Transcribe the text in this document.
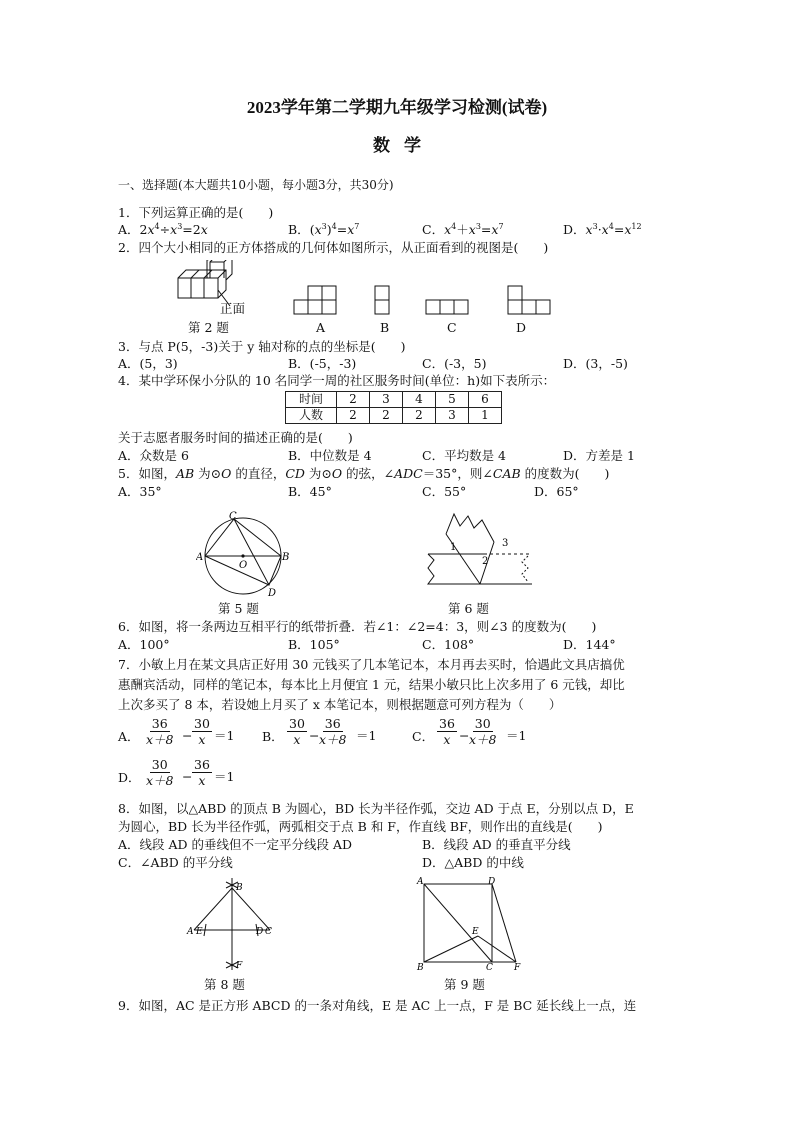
2023学年第二学期九年级学习检测(试卷)
数学
一、选择题(本大题共10小题，每小题3分，共30分)
1．下列运算正确的是(　　)
A．$2x^4\div x^3=2x$	B．$(x^3)^4=x^7$	C．$x^4+x^3=x^7$	D．$x^3\cdot x^4=x^{12}$
2．四个大小相同的正方体搭成的几何体如图所示，从正面看到的视图是(　　)
正面
第 2 题	A	B	C	D
3．与点 P(5，-3)关于 y 轴对称的点的坐标是(　　)
A．(5，3)	B．(-5，-3)	C．(-3，5)	D．(3，-5)
4．某中学环保小分队的 10 名同学一周的社区服务时间(单位：h)如下表所示：
时间	2	3	4	5	6
人数	2	2	2	3	1
关于志愿者服务时间的描述正确的是(　　)
A．众数是 6	B．中位数是 4	C．平均数是 4	D．方差是 1
5．如图，AB 为⊙O 的直径，CD 为⊙O 的弦，∠ADC＝35°，则∠CAB 的度数为(　　)
A．35°	B．45°	C．55°	D．65°
C
A
O
B
D
第 5 题
1
2
3
第 6 题
6．如图，将一条两边互相平行的纸带折叠．若∠1：∠2=4：3，则∠3 的度数为(　　)
A．100°	B．105°	C．108°	D．144°
7．小敏上月在某文具店正好用 30 元钱买了几本笔记本，本月再去买时，恰遇此文具店搞优
惠酬宾活动，同样的笔记本，每本比上月便宜 1 元，结果小敏只比上次多用了 6 元钱，却比
上次多买了 8 本，若设她上月买了 x 本笔记本，则根据题意可列方程为（　　）
A． $\frac{36}{x+8} - \frac{30}{x} =1$ B． $\frac{30}{x} - \frac{36}{x+8} =1$	C． $\frac{36}{x} - \frac{30}{x+8} =1$
D． $\frac{30}{x+8} - \frac{36}{x} =1$
8．如图，以△ABD 的顶点 B 为圆心，BD 长为半径作弧，交边 AD 于点 E，分别以点 D，E
为圆心，BD 长为半径作弧，两弧相交于点 B 和 F，作直线 BF，则作出的直线是(　　)
A．线段 AD 的垂线但不一定平分线段 AD	B．线段 AD 的垂直平分线
C．∠ABD 的平分线	D．△ABD 的中线
B
A E	D C
F
第 8 题
A	D
E
B	C F
第 9 题
9．如图，AC 是正方形 ABCD 的一条对角线，E 是 AC 上一点，F 是 BC 延长线上一点，连
